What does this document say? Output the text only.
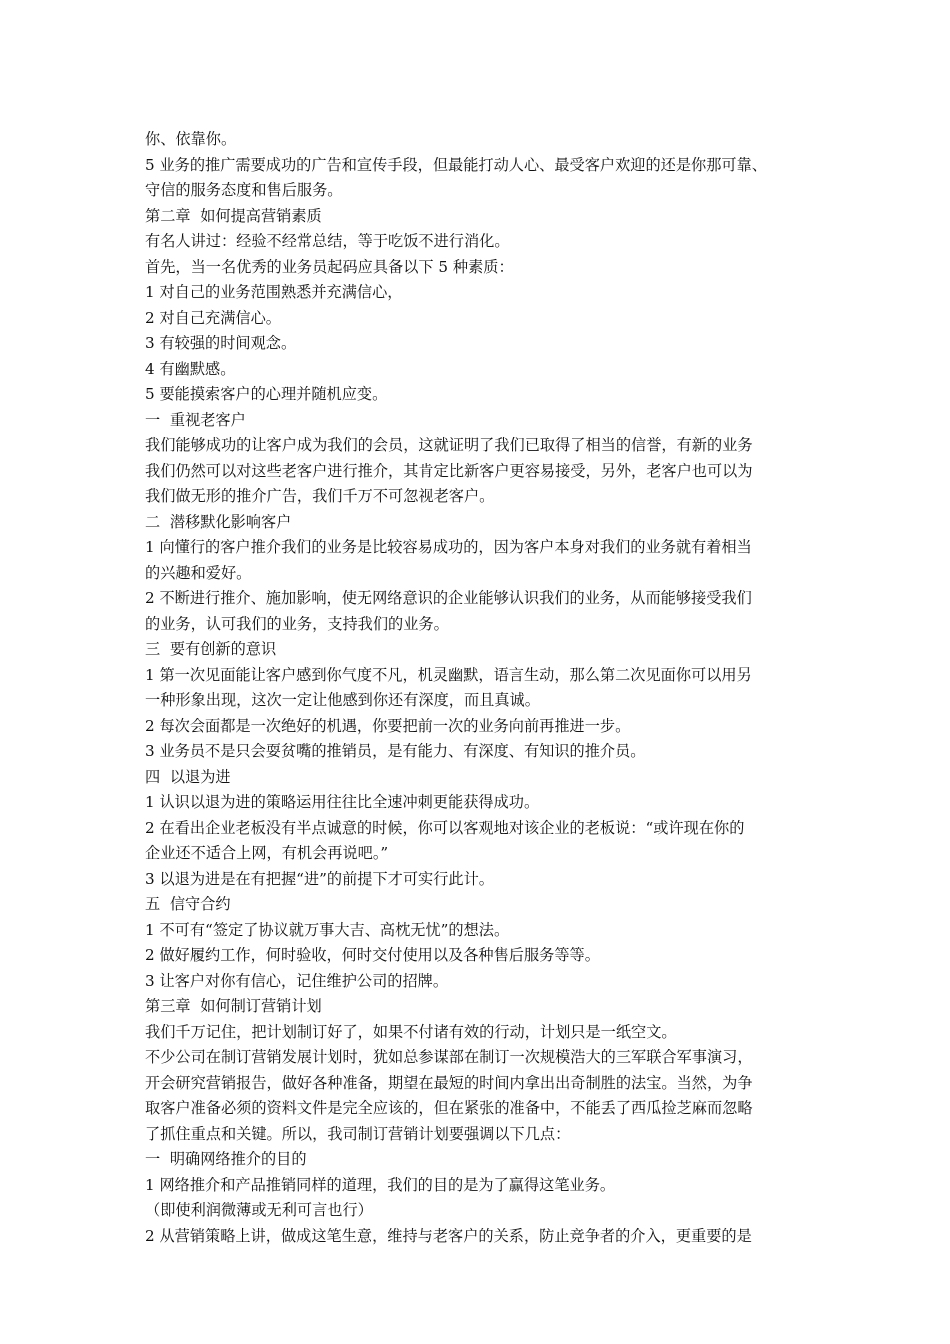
你、依靠你。

5 业务的推广需要成功的广告和宣传手段，但最能打动人心、最受客户欢迎的还是你那可靠、

守信的服务态度和售后服务。

第二章  如何提高营销素质

有名人讲过：经验不经常总结，等于吃饭不进行消化。

首先，当一名优秀的业务员起码应具备以下 5 种素质：

1 对自己的业务范围熟悉并充满信心，

2 对自己充满信心。

3 有较强的时间观念。

4 有幽默感。

5 要能摸索客户的心理并随机应变。

一  重视老客户

我们能够成功的让客户成为我们的会员，这就证明了我们已取得了相当的信誉，有新的业务

我们仍然可以对这些老客户进行推介，其肯定比新客户更容易接受，另外，老客户也可以为

我们做无形的推介广告，我们千万不可忽视老客户。

二  潜移默化影响客户

1 向懂行的客户推介我们的业务是比较容易成功的，因为客户本身对我们的业务就有着相当

的兴趣和爱好。

2 不断进行推介、施加影响，使无网络意识的企业能够认识我们的业务，从而能够接受我们

的业务，认可我们的业务，支持我们的业务。

三  要有创新的意识

1 第一次见面能让客户感到你气度不凡，机灵幽默，语言生动，那么第二次见面你可以用另

一种形象出现，这次一定让他感到你还有深度，而且真诚。

2 每次会面都是一次绝好的机遇，你要把前一次的业务向前再推进一步。

3 业务员不是只会耍贫嘴的推销员，是有能力、有深度、有知识的推介员。

四  以退为进

1 认识以退为进的策略运用往往比全速冲刺更能获得成功。

2 在看出企业老板没有半点诚意的时候，你可以客观地对该企业的老板说：“或许现在你的

企业还不适合上网，有机会再说吧。”

3 以退为进是在有把握“进”的前提下才可实行此计。

五  信守合约

1 不可有“签定了协议就万事大吉、高枕无忧”的想法。

2 做好履约工作，何时验收，何时交付使用以及各种售后服务等等。

3 让客户对你有信心，记住维护公司的招牌。

第三章  如何制订营销计划

我们千万记住，把计划制订好了，如果不付诸有效的行动，计划只是一纸空文。

不少公司在制订营销发展计划时，犹如总参谋部在制订一次规模浩大的三军联合军事演习，

开会研究营销报告，做好各种准备，期望在最短的时间内拿出出奇制胜的法宝。当然，为争

取客户准备必须的资料文件是完全应该的，但在紧张的准备中，不能丢了西瓜捡芝麻而忽略

了抓住重点和关键。所以，我司制订营销计划要强调以下几点：

一  明确网络推介的目的

1 网络推介和产品推销同样的道理，我们的目的是为了赢得这笔业务。

（即使利润微薄或无利可言也行）

2 从营销策略上讲，做成这笔生意，维持与老客户的关系，防止竞争者的介入，更重要的是
